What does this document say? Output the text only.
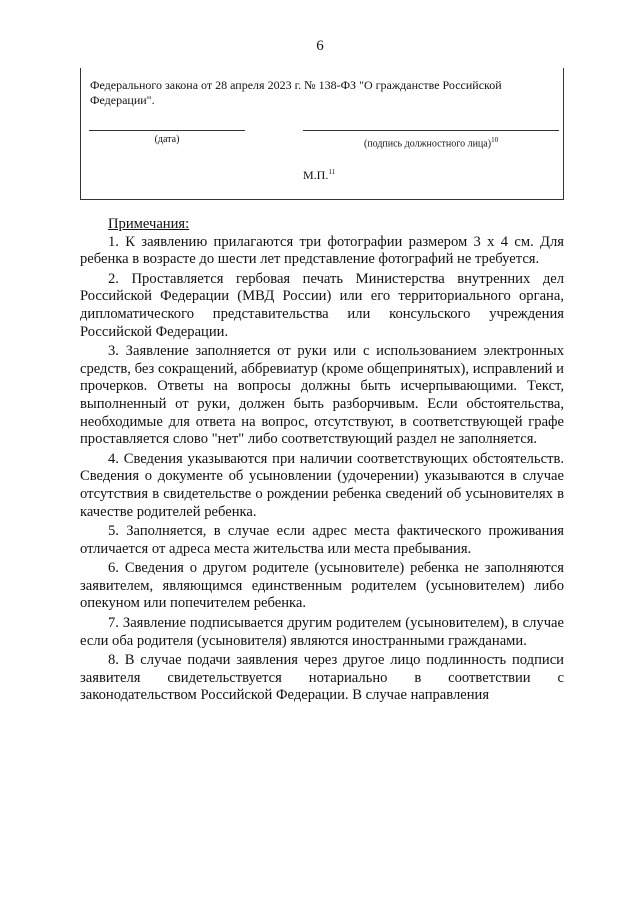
6
Федерального закона от 28 апреля 2023 г. № 138-ФЗ "О гражданстве Российской Федерации".
(дата)	(подпись должностного лица)$^{10}$
М.П.$^{11}$
Примечания:

1. К заявлению прилагаются три фотографии размером 3 х 4 см. Для ребенка в возрасте до шести лет представление фотографий не требуется.

2. Проставляется гербовая печать Министерства внутренних дел Российской Федерации (МВД России) или его территориального органа, дипломатического представительства или консульского учреждения Российской Федерации.

3. Заявление заполняется от руки или с использованием электронных средств, без сокращений, аббревиатур (кроме общепринятых), исправлений и прочерков. Ответы на вопросы должны быть исчерпывающими. Текст, выполненный от руки, должен быть разборчивым. Если обстоятельства, необходимые для ответа на вопрос, отсутствуют, в соответствующей графе проставляется слово "нет" либо соответствующий раздел не заполняется.

4. Сведения указываются при наличии соответствующих обстоятельств. Сведения о документе об усыновлении (удочерении) указываются в случае отсутствия в свидетельстве о рождении ребенка сведений об усыновителях в качестве родителей ребенка.

5. Заполняется, в случае если адрес места фактического проживания отличается от адреса места жительства или места пребывания.

6. Сведения о другом родителе (усыновителе) ребенка не заполняются заявителем, являющимся единственным родителем (усыновителем) либо опекуном или попечителем ребенка.

7. Заявление подписывается другим родителем (усыновителем), в случае если оба родителя (усыновителя) являются иностранными гражданами.

8. В случае подачи заявления через другое лицо подлинность подписи заявителя свидетельствуется нотариально в соответствии с законодательством Российской Федерации. В случае направления
